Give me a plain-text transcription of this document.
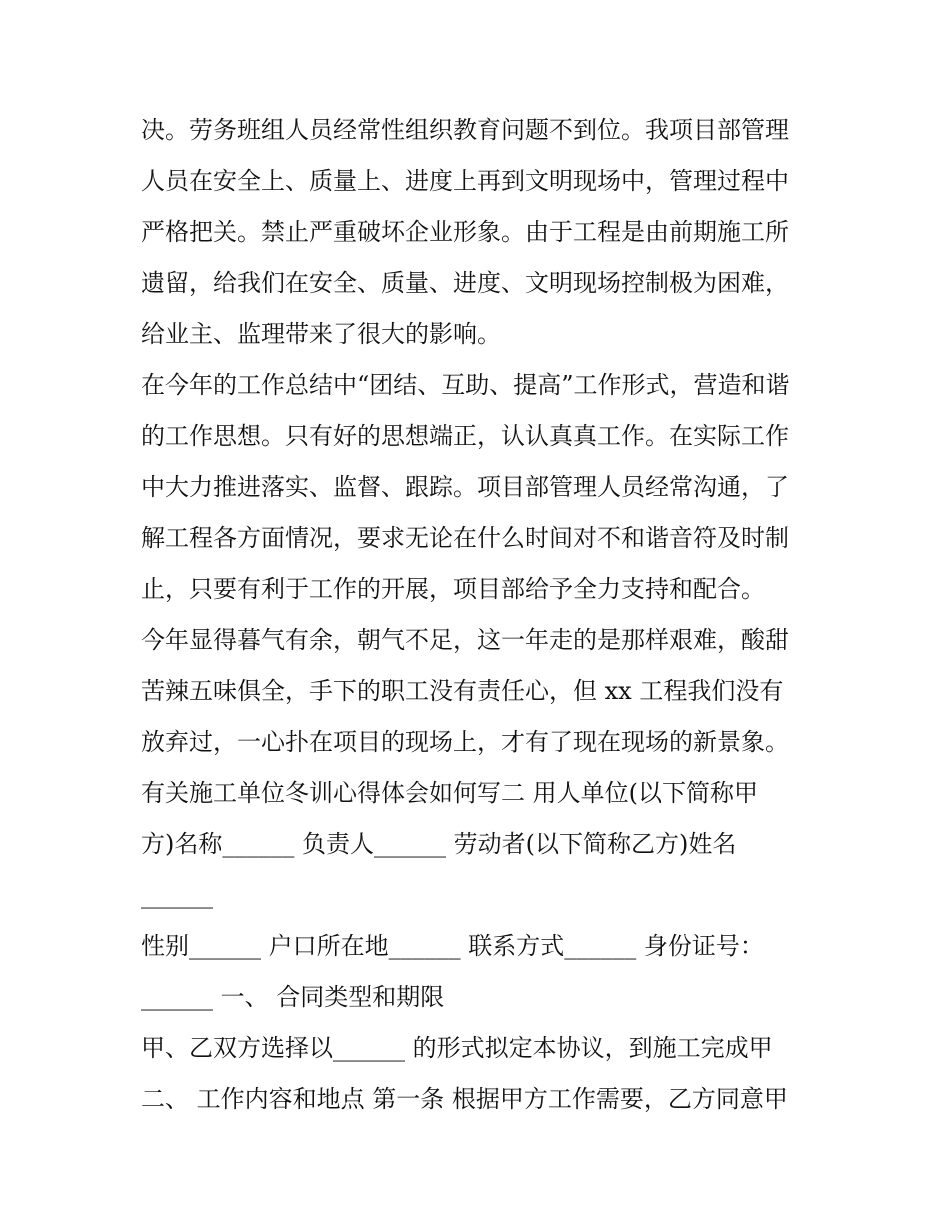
决。劳务班组人员经常性组织教育问题不到位。我项目部管理
人员在安全上、质量上、进度上再到文明现场中，管理过程中
严格把关。禁止严重破坏企业形象。由于工程是由前期施工所
遗留，给我们在安全、质量、进度、文明现场控制极为困难，
给业主、监理带来了很大的影响。
在今年的工作总结中“团结、互助、提高”工作形式，营造和谐
的工作思想。只有好的思想端正，认认真真工作。在实际工作
中大力推进落实、监督、跟踪。项目部管理人员经常沟通，了
解工程各方面情况，要求无论在什么时间对不和谐音符及时制
止，只要有利于工作的开展，项目部给予全力支持和配合。
今年显得暮气有余，朝气不足，这一年走的是那样艰难，酸甜
苦辣五味俱全，手下的职工没有责任心，但 xx 工程我们没有
放弃过，一心扑在项目的现场上，才有了现在现场的新景象。
有关施工单位冬训心得体会如何写二 用人单位(以下简称甲
方)名称______ 负责人______ 劳动者(以下简称乙方)姓名
______
性别______ 户口所在地______ 联系方式______ 身份证号：
______ 一、 合同类型和期限
甲、乙双方选择以______ 的形式拟定本协议，到施工完成甲
二、 工作内容和地点 第一条 根据甲方工作需要，乙方同意甲
